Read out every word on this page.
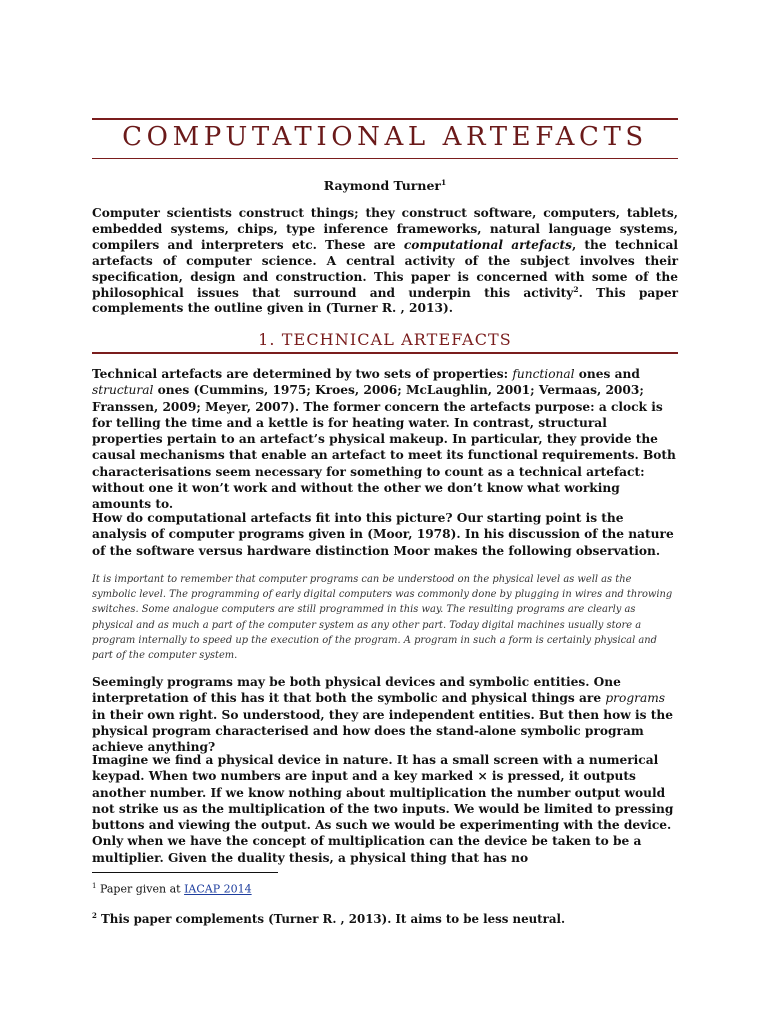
COMPUTATIONAL ARTEFACTS

Raymond Turner$^1$

Computer scientists construct things; they construct software, computers, tablets, embedded systems, chips, type inference frameworks, natural language systems, compilers and interpreters etc. These are computational artefacts, the technical artefacts of computer science. A central activity of the subject involves their specification, design and construction. This paper is concerned with some of the philosophical issues that surround and underpin this activity$^2$. This paper complements the outline given in (Turner R. , 2013).

1. TECHNICAL ARTEFACTS

Technical artefacts are determined by two sets of properties: functional ones and structural ones (Cummins, 1975; Kroes, 2006; McLaughlin, 2001; Vermaas, 2003; Franssen, 2009; Meyer, 2007). The former concern the artefacts purpose: a clock is for telling the time and a kettle is for heating water. In contrast, structural properties pertain to an artefact’s physical makeup. In particular, they provide the causal mechanisms that enable an artefact to meet its functional requirements. Both characterisations seem necessary for something to count as a technical artefact: without one it won’t work and without the other we don’t know what working amounts to.

How do computational artefacts fit into this picture? Our starting point is the analysis of computer programs given in (Moor, 1978). In his discussion of the nature of the software versus hardware distinction Moor makes the following observation.

It is important to remember that computer programs can be understood on the physical level as well as the symbolic level. The programming of early digital computers was commonly done by plugging in wires and throwing switches. Some analogue computers are still programmed in this way. The resulting programs are clearly as physical and as much a part of the computer system as any other part. Today digital machines usually store a program internally to speed up the execution of the program. A program in such a form is certainly physical and part of the computer system.

Seemingly programs may be both physical devices and symbolic entities. One interpretation of this has it that both the symbolic and physical things are programs in their own right. So understood, they are independent entities. But then how is the physical program characterised and how does the stand-alone symbolic program achieve anything?

Imagine we find a physical device in nature. It has a small screen with a numerical keypad. When two numbers are input and a key marked × is pressed, it outputs another number. If we know nothing about multiplication the number output would not strike us as the multiplication of the two inputs. We would be limited to pressing buttons and viewing the output. As such we would be experimenting with the device. Only when we have the concept of multiplication can the device be taken to be a multiplier. Given the duality thesis, a physical thing that has no

$^1$ Paper given at IACAP 2014

$^2$ This paper complements (Turner R. , 2013). It aims to be less neutral.
